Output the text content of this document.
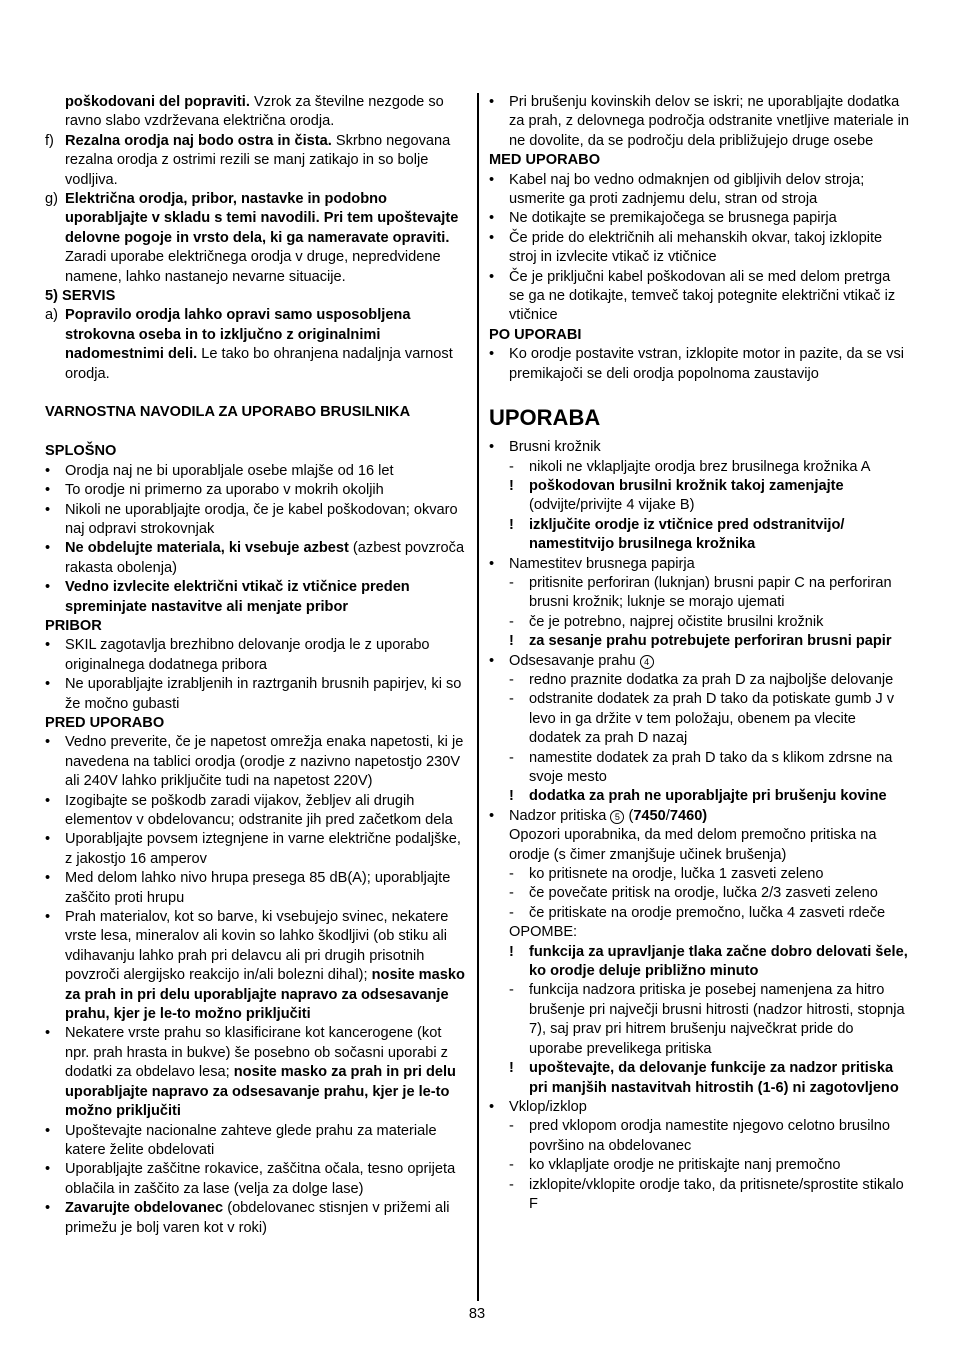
poškodovani del popraviti. Vzrok za številne nezgode so ravno slabo vzdrževana električna orodja.
f) Rezalna orodja naj bodo ostra in čista. Skrbno negovana rezalna orodja z ostrimi rezili se manj zatikajo in so bolje vodljiva.
g) Električna orodja, pribor, nastavke in podobno uporabljajte v skladu s temi navodili. Pri tem upoštevajte delovne pogoje in vrsto dela, ki ga nameravate opraviti. Zaradi uporabe električnega orodja v druge, nepredvidene namene, lahko nastanejo nevarne situacije.
5) SERVIS
a) Popravilo orodja lahko opravi samo usposobljena strokovna oseba in to izključno z originalnimi nadomestnimi deli. Le tako bo ohranjena nadaljnja varnost orodja.
VARNOSTNA NAVODILA ZA UPORABO BRUSILNIKA
SPLOŠNO
•	Orodja naj ne bi uporabljale osebe mlajše od 16 let
•	To orodje ni primerno za uporabo v mokrih okoljih
•	Nikoli ne uporabljajte orodja, če je kabel poškodovan; okvaro naj odpravi strokovnjak
•	Ne obdelujte materiala, ki vsebuje azbest (azbest povzroča rakasta obolenja)
•	Vedno izvlecite električni vtikač iz vtičnice preden spreminjate nastavitve ali menjate pribor
PRIBOR
•	SKIL zagotavlja brezhibno delovanje orodja le z uporabo originalnega dodatnega pribora
•	Ne uporabljajte izrabljenih in raztrganih brusnih papirjev, ki so že močno gubasti
PRED UPORABO
•	Vedno preverite, če je napetost omrežja enaka napetosti, ki je navedena na tablici orodja (orodje z nazivno napetostjo 230V ali 240V lahko priključite tudi na napetost 220V)
•	Izogibajte se poškodb zaradi vijakov, žebljev ali drugih elementov v obdelovancu; odstranite jih pred začetkom dela
•	Uporabljajte povsem iztegnjene in varne električne podaljške, z jakostjo 16 amperov
•	Med delom lahko nivo hrupa presega 85 dB(A); uporabljajte zaščito proti hrupu
•	Prah materialov, kot so barve, ki vsebujejo svinec, nekatere vrste lesa, mineralov ali kovin so lahko škodljivi (ob stiku ali vdihavanju lahko prah pri delavcu ali pri drugih prisotnih povzroči alergijsko reakcijo in/ali bolezni dihal); nosite masko za prah in pri delu uporabljajte napravo za odsesavanje prahu, kjer je le-to možno priključiti
•	Nekatere vrste prahu so klasificirane kot kancerogene (kot npr. prah hrasta in bukve) še posebno ob sočasni uporabi z dodatki za obdelavo lesa; nosite masko za prah in pri delu uporabljajte napravo za odsesavanje prahu, kjer je le-to možno priključiti
•	Upoštevajte nacionalne zahteve glede prahu za materiale katere želite obdelovati
•	Uporabljajte zaščitne rokavice, zaščitna očala, tesno oprijeta oblačila in zaščito za lase (velja za dolge lase)
•	Zavarujte obdelovanec (obdelovanec stisnjen v prižemi ali primežu je bolj varen kot v roki)
•	Pri brušenju kovinskih delov se iskri; ne uporabljajte dodatka za prah, z delovnega področja odstranite vnetljive materiale in ne dovolite, da se področju dela približujejo druge osebe
MED UPORABO
•	Kabel naj bo vedno odmaknjen od gibljivih delov stroja; usmerite ga proti zadnjemu delu, stran od stroja
•	Ne dotikajte se premikajočega se brusnega papirja
•	Če pride do električnih ali mehanskih okvar, takoj izklopite stroj in izvlecite vtikač iz vtičnice
•	Če je priključni kabel poškodovan ali se med delom pretrga se ga ne dotikajte, temveč takoj potegnite električni vtikač iz vtičnice
PO UPORABI
•	Ko orodje postavite vstran, izklopite motor in pazite, da se vsi premikajoči se deli orodja popolnoma zaustavijo
UPORABA
•	Brusni krožnik
-	nikoli ne vklapljajte orodja brez brusilnega krožnika A
!	poškodovan brusilni krožnik takoj zamenjajte (odvijte/privijte 4 vijake B)
!	izključite orodje iz vtičnice pred odstranitvijo/ namestitvijo brusilnega krožnika
•	Namestitev brusnega papirja
-	pritisnite perforiran (luknjan) brusni papir C na perforiran brusni krožnik; luknje se morajo ujemati
-	če je potrebno, najprej očistite brusilni krožnik
!	za sesanje prahu potrebujete perforiran brusni papir
•	Odsesavanje prahu 4
-	redno praznite dodatka za prah D za najboljše delovanje
-	odstranite dodatek za prah D tako da potiskate gumb J v levo in ga držite v tem položaju, obenem pa vlecite dodatek za prah D nazaj
-	namestite dodatek za prah D tako da s klikom zdrsne na svoje mesto
!	dodatka za prah ne uporabljajte pri brušenju kovine
•	Nadzor pritiska 5 (7450/7460)
Opozori uporabnika, da med delom premočno pritiska na orodje (s čimer zmanjšuje učinek brušenja)
-	ko pritisnete na orodje, lučka 1 zasveti zeleno
-	če povečate pritisk na orodje, lučka 2/3 zasveti zeleno
-	če pritiskate na orodje premočno, lučka 4 zasveti rdeče
OPOMBE:
!	funkcija za upravljanje tlaka začne dobro delovati šele, ko orodje deluje približno minuto
-	funkcija nadzora pritiska je posebej namenjena za hitro brušenje pri največji brusni hitrosti (nadzor hitrosti, stopnja 7), saj prav pri hitrem brušenju največkrat pride do uporabe prevelikega pritiska
!	upoštevajte, da delovanje funkcije za nadzor pritiska pri manjših nastavitvah hitrostih (1-6) ni zagotovljeno
•	Vklop/izklop
-	pred vklopom orodja namestite njegovo celotno brusilno površino na obdelovanec
-	ko vklapljate orodje ne pritiskajte nanj premočno
-	izklopite/vklopite orodje tako, da pritisnete/sprostite stikalo F
83
